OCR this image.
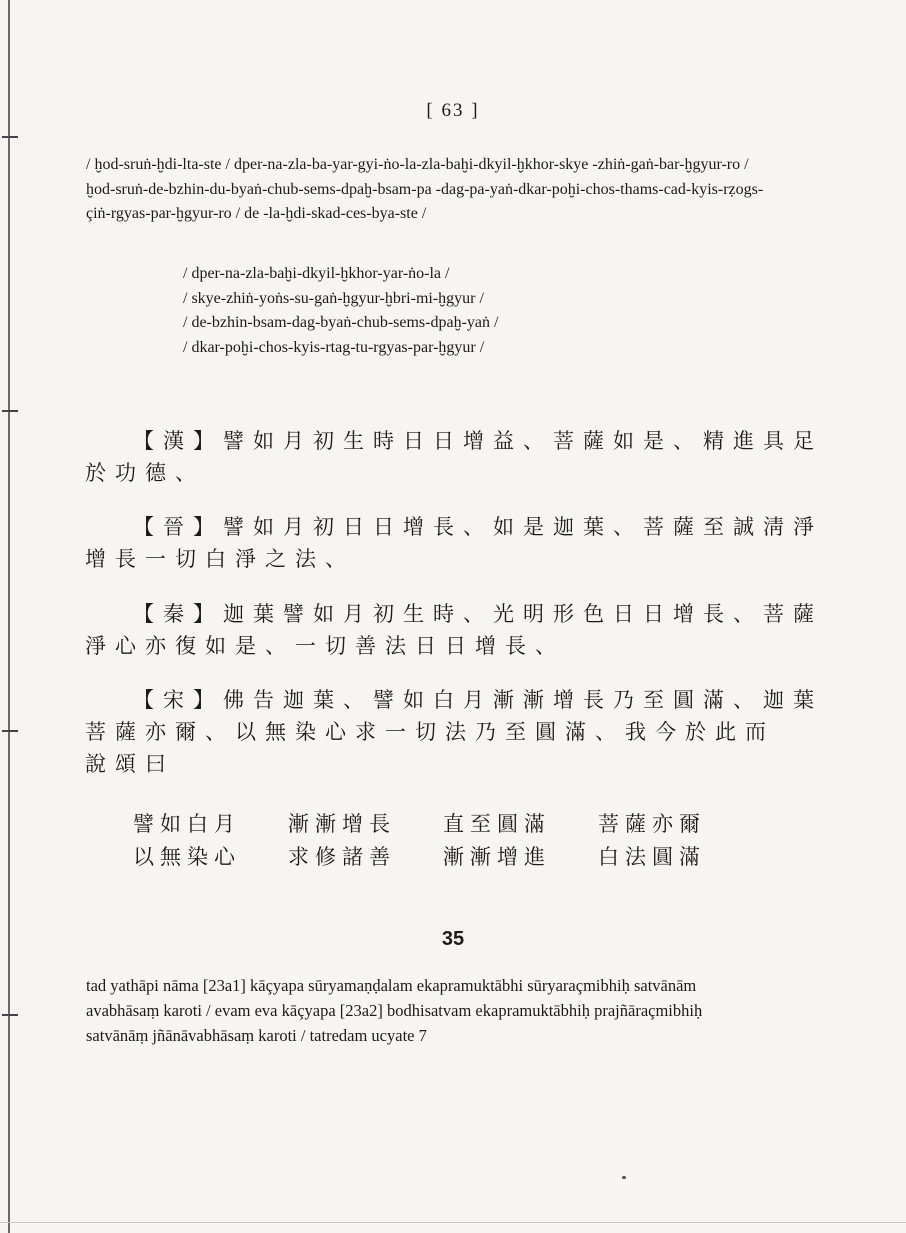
[ 63 ]
/ ḫod-sruṅ-ḫdi-lta-ste / dper-na-zla-ba-yar-gyi-ṅo-la-zla-baḫi-dkyil-ḫkhor-skye -zhiṅ-gaṅ-bar-ḫgyur-ro / ḫod-sruṅ-de-bzhin-du-byaṅ-chub-sems-dpaḫ-bsam-pa -dag-pa-yaṅ-dkar-poḫi-chos-thams-cad-kyis-rẓogs-çiṅ-rgyas-par-ḫgyur-ro / de -la-ḫdi-skad-ces-bya-ste /
/ dper-na-zla-baḫi-dkyil-ḫkhor-yar-ṅo-la /
/ skye-zhiṅ-yoṅs-su-gaṅ-ḫgyur-ḫbri-mi-ḫgyur /
/ de-bzhin-bsam-dag-byaṅ-chub-sems-dpaḫ-yaṅ /
/ dkar-poḫi-chos-kyis-rtag-tu-rgyas-par-ḫgyur /
【漢】譬如月初生時日日增益、菩薩如是、精進具足
於功德、
【晉】譬如月初日日增長、如是迦葉、菩薩至誠淸淨
增長一切白淨之法、
【秦】迦葉譬如月初生時、光明形色日日增長、菩薩
淨心亦復如是、一切善法日日增長、
【宋】佛告迦葉、譬如白月漸漸增長乃至圓滿、迦葉
菩薩亦爾、以無染心求一切法乃至圓滿、我今於此而
說頌曰
譬如白月	漸漸增長	直至圓滿	菩薩亦爾
以無染心	求修諸善	漸漸增進	白法圓滿
35
tad yathāpi nāma [23a1] kāçyapa sūryamaṇḍalam ekapramuktābhi sūryaraçmibhiḥ satvānām avabhāsaṃ karoti / evam eva kāçyapa [23a2] bodhisatvam ekapramuktābhiḥ prajñāraçmibhiḥ satvānāṃ jñānāvabhāsaṃ karoti / tatredam ucyate 7
